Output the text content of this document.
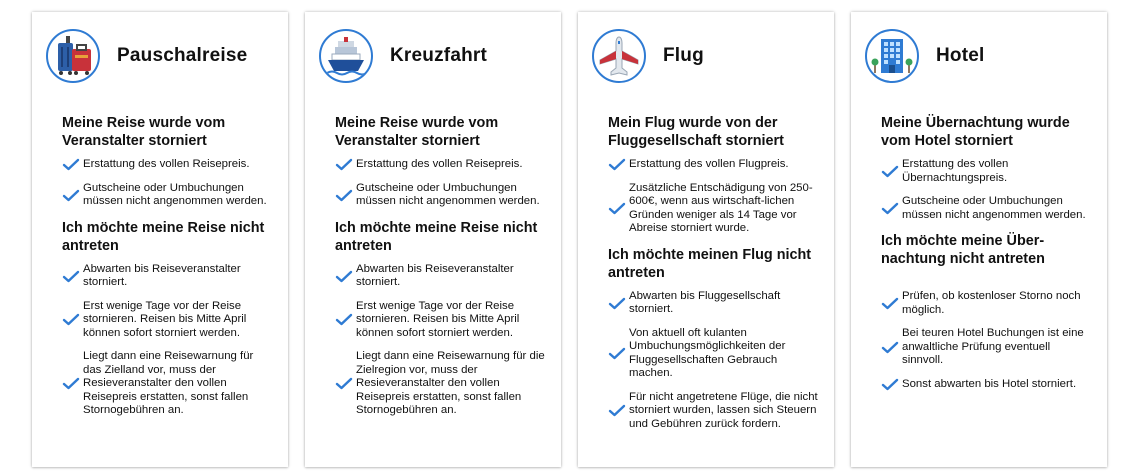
Pauschalreise
Meine Reise wurde vom Veranstalter storniert
Erstattung des vollen Reisepreis.
Gutscheine oder Umbuchungen müssen nicht angenommen werden.
Ich möchte meine Reise nicht antreten
Abwarten bis Reiseveranstalter storniert.
Erst wenige Tage vor der Reise stornieren. Reisen bis Mitte April können sofort storniert werden.
Liegt dann eine Reisewarnung für das Zielland vor, muss der Resieveranstalter den vollen Reisepreis erstatten, sonst fallen Stornogebühren an.
Kreuzfahrt
Meine Reise wurde vom Veranstalter storniert
Erstattung des vollen Reisepreis.
Gutscheine oder Umbuchungen müssen nicht angenommen werden.
Ich möchte meine Reise nicht antreten
Abwarten bis Reiseveranstalter storniert.
Erst wenige Tage vor der Reise stornieren. Reisen bis Mitte April können sofort storniert werden.
Liegt dann eine Reisewarnung für die Zielregion vor, muss der Resieveranstalter den vollen Reisepreis erstatten, sonst fallen Stornogebühren an.
Flug
Mein Flug wurde von der Fluggesellschaft storniert
Erstattung des vollen Flugpreis.
Zusätzliche Entschädigung von 250-600€, wenn aus wirtschaft-lichen Gründen weniger als 14 Tage vor Abreise storniert wurde.
Ich möchte meinen Flug nicht antreten
Abwarten bis Fluggesellschaft storniert.
Von aktuell oft kulanten Umbuchungsmöglichkeiten der Fluggesellschaften Gebrauch machen.
Für nicht angetretene Flüge, die nicht storniert wurden, lassen sich Steuern und Gebühren zurück fordern.
Hotel
Meine Übernachtung wurde vom Hotel storniert
Erstattung des vollen Übernachtungspreis.
Gutscheine oder Umbuchungen müssen nicht angenommen werden.
Ich möchte meine Über-nachtung nicht antreten
Prüfen, ob kostenloser Storno noch möglich.
Bei teuren Hotel Buchungen ist eine anwaltliche Prüfung eventuell sinnvoll.
Sonst abwarten bis Hotel storniert.
